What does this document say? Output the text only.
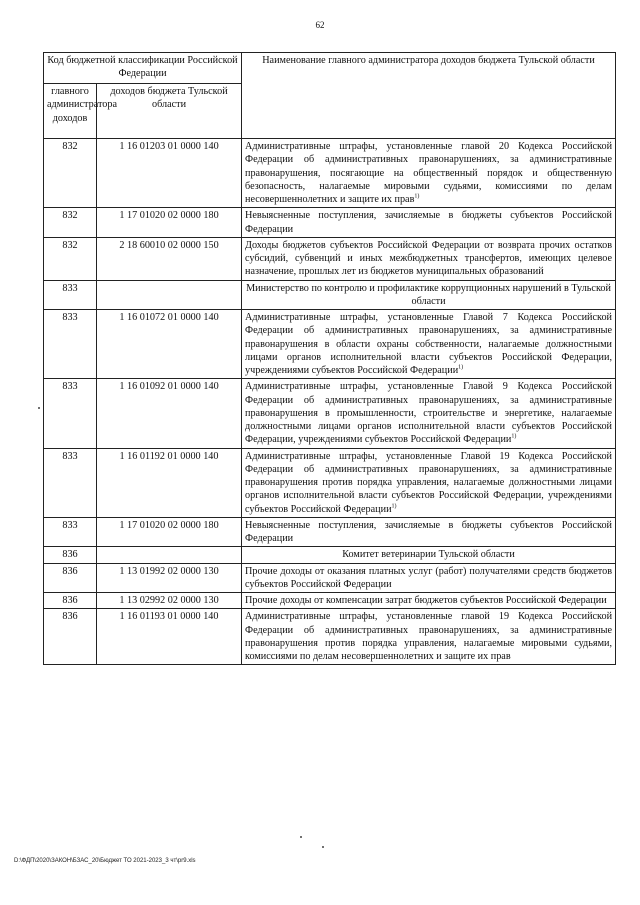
62
Код бюджетной классификации Российской Федерации		Наименование главного администратора доходов бюджета Тульской области
главного администратора доходов	доходов бюджета Тульской области	
832	1 16 01203 01 0000 140	Административные штрафы, установленные главой 20 Кодекса Российской Федерации об административных правонарушениях, за административные правонарушения, посягающие на общественный порядок и общественную безопасность, налагаемые мировыми судьями, комиссиями по делам несовершеннолетних и защите их прав$^{1)}$
832	1 17 01020 02 0000 180	Невыясненные поступления, зачисляемые в бюджеты субъектов Российской Федерации
832	2 18 60010 02 0000 150	Доходы бюджетов субъектов Российской Федерации от возврата прочих остатков субсидий, субвенций и иных межбюджетных трансфертов, имеющих целевое назначение, прошлых лет из бюджетов муниципальных образований
833		Министерство по контролю и профилактике коррупционных нарушений в Тульской области
833	1 16 01072 01 0000 140	Административные штрафы, установленные Главой 7 Кодекса Российской Федерации об административных правонарушениях, за административные правонарушения в области охраны собственности, налагаемые должностными лицами органов исполнительной власти субъектов Российской Федерации, учреждениями субъектов Российской Федерации$^{1)}$
833	1 16 01092 01 0000 140	Административные штрафы, установленные Главой 9 Кодекса Российской Федерации об административных правонарушениях, за административные правонарушения в промышленности, строительстве и энергетике, налагаемые должностными лицами органов исполнительной власти субъектов Российской Федерации, учреждениями субъектов Российской Федерации$^{1)}$
833	1 16 01192 01 0000 140	Административные штрафы, установленные Главой 19 Кодекса Российской Федерации об административных правонарушениях, за административные правонарушения против порядка управления, налагаемые должностными лицами органов исполнительной власти субъектов Российской Федерации, учреждениями субъектов Российской Федерации$^{1)}$
833	1 17 01020 02 0000 180	Невыясненные поступления, зачисляемые в бюджеты субъектов Российской Федерации
836		Комитет ветеринарии Тульской области
836	1 13 01992 02 0000 130	Прочие доходы от оказания платных услуг (работ) получателями средств бюджетов субъектов Российской Федерации
836	1 13 02992 02 0000 130	Прочие доходы от компенсации затрат бюджетов субъектов Российской Федерации
836	1 16 01193 01 0000 140	Административные штрафы, установленные главой 19 Кодекса Российской Федерации об административных правонарушениях, за административные правонарушения против порядка управления, налагаемые мировыми судьями, комиссиями по делам несовершеннолетних и защите их прав
D:\ФДП\2020\ЗАКОН\БЗАС_20\Бюджет ТО 2021-2023_3 чт\pr9.xls
